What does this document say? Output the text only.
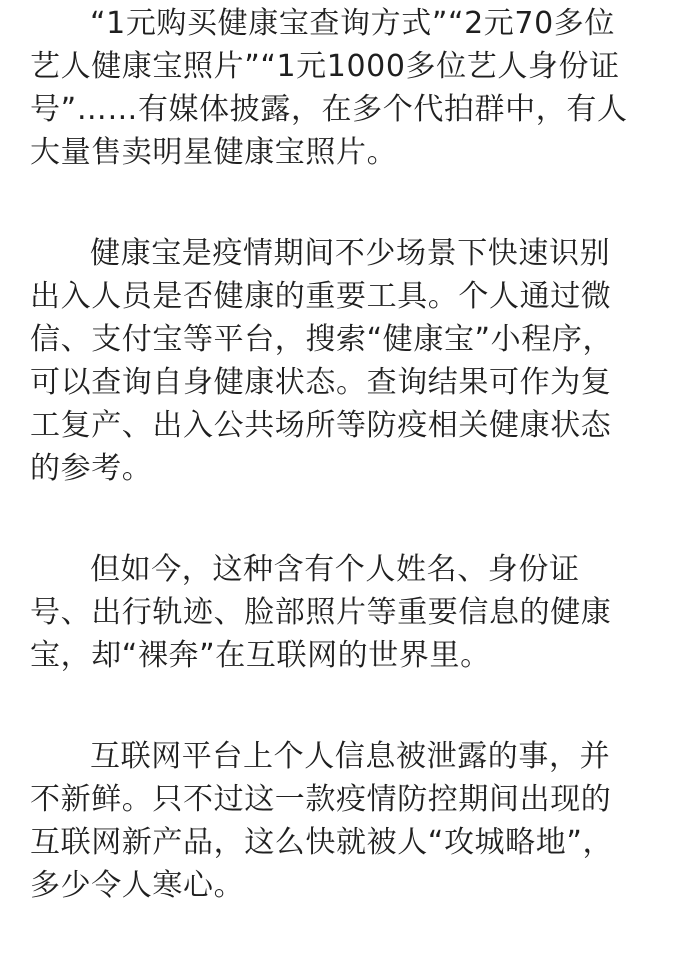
“1元购买健康宝查询方式”“2元70多位
艺人健康宝照片”“1元1000多位艺人身份证
号”……有媒体披露，在多个代拍群中，有人
大量售卖明星健康宝照片。
健康宝是疫情期间不少场景下快速识别
出入人员是否健康的重要工具。个人通过微
信、支付宝等平台，搜索“健康宝”小程序，
可以查询自身健康状态。查询结果可作为复
工复产、出入公共场所等防疫相关健康状态
的参考。
但如今，这种含有个人姓名、身份证
号、出行轨迹、脸部照片等重要信息的健康
宝，却“裸奔”在互联网的世界里。
互联网平台上个人信息被泄露的事，并
不新鲜。只不过这一款疫情防控期间出现的
互联网新产品，这么快就被人“攻城略地”，
多少令人寒心。
